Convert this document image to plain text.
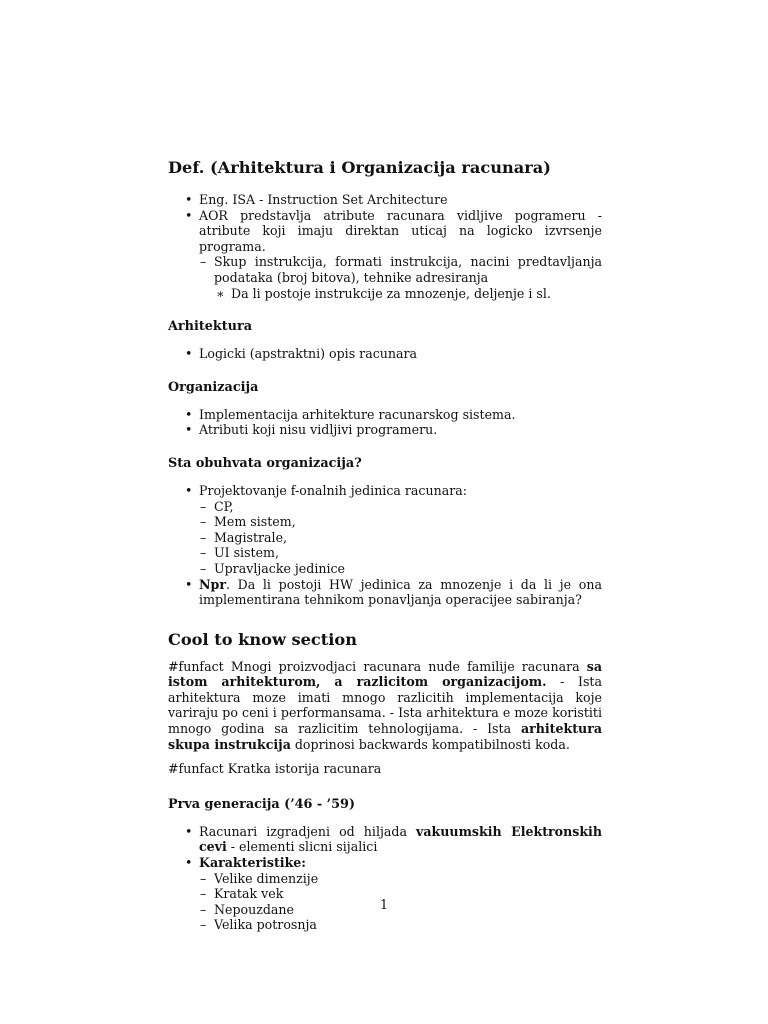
Def. (Arhitektura i Organizacija racunara)
• Eng. ISA - Instruction Set Architecture
• AOR predstavlja atribute racunara vidljive pogrameru - atribute koji imaju direktan uticaj na logicko izvrsenje programa.
– Skup instrukcija, formati instrukcija, nacini predtavljanja podataka (broj bitova), tehnike adresiranja
∗ Da li postoje instrukcije za mnozenje, deljenje i sl.
Arhitektura
• Logicki (apstraktni) opis racunara
Organizacija
• Implementacija arhitekture racunarskog sistema.
• Atributi koji nisu vidljivi programeru.
Sta obuhvata organizacija?
• Projektovanje f-onalnih jedinica racunara:
– CP,
– Mem sistem,
– Magistrale,
– UI sistem,
– Upravljacke jedinice
• Npr. Da li postoji HW jedinica za mnozenje i da li je ona implementirana tehnikom ponavljanja operacijee sabiranja?
Cool to know section

#funfact Mnogi proizvodjaci racunara nude familije racunara sa istom arhitekturom, a razlicitom organizacijom. - Ista arhitektura moze imati mnogo razlicitih implementacija koje variraju po ceni i performansama. - Ista arhitektura e moze koristiti mnogo godina sa razlicitim tehnologijama. - Ista arhitektura skupa instrukcija doprinosi backwards kompatibilnosti koda.

#funfact Kratka istorija racunara

Prva generacija (’46 - ’59)
• Racunari izgradjeni od hiljada vakuumskih Elektronskih cevi - elementi slicni sijalici
• Karakteristike:
– Velike dimenzije
– Kratak vek
– Nepouzdane
– Velika potrosnja
1
